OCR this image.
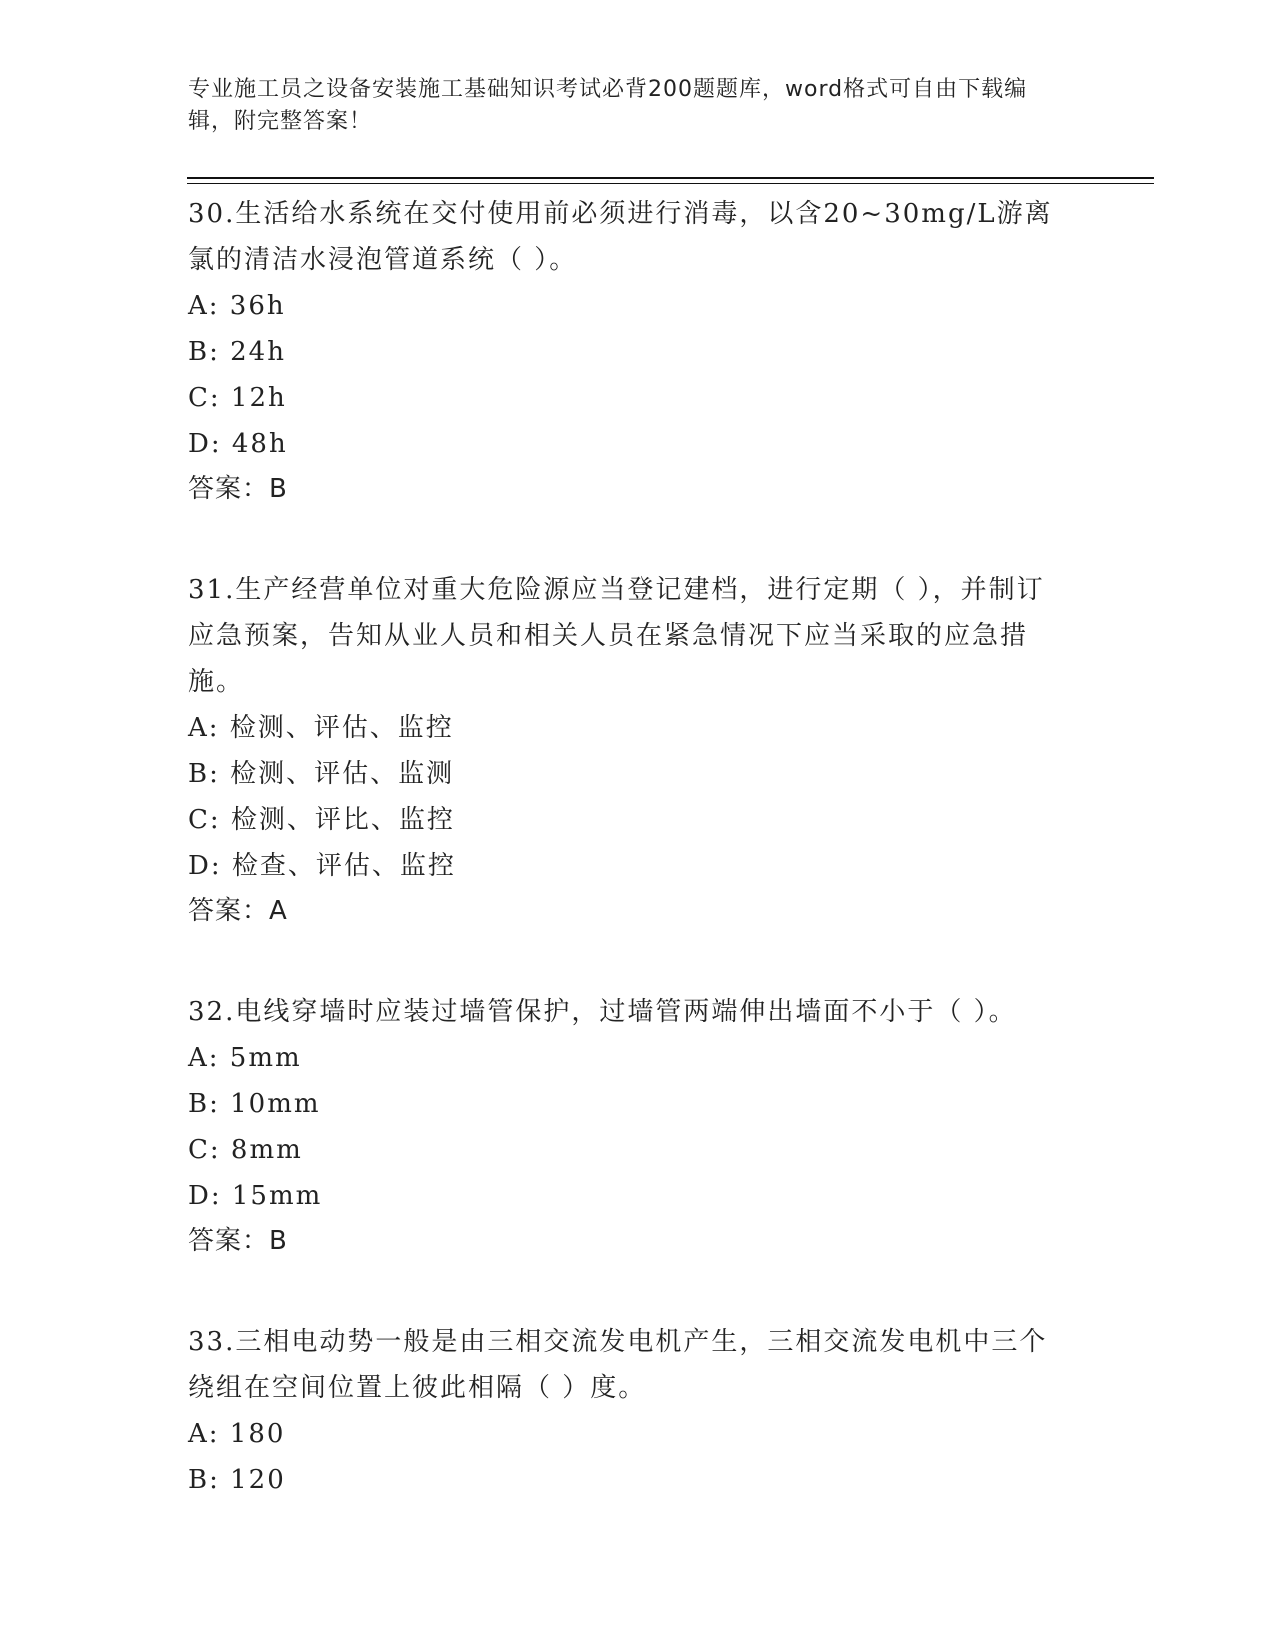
专业施工员之设备安装施工基础知识考试必背200题题库，word格式可自由下载编辑，附完整答案！

30.生活给水系统在交付使用前必须进行消毒，以含20~30mg/L游离氯的清洁水浸泡管道系统（ ）。

A: 36h

B: 24h

C: 12h

D: 48h

答案：B

31.生产经营单位对重大危险源应当登记建档，进行定期（ ），并制订应急预案，告知从业人员和相关人员在紧急情况下应当采取的应急措施。

A: 检测、评估、监控

B: 检测、评估、监测

C: 检测、评比、监控

D: 检查、评估、监控

答案：A

32.电线穿墙时应装过墙管保护，过墙管两端伸出墙面不小于（ ）。

A: 5mm

B: 10mm

C: 8mm

D: 15mm

答案：B

33.三相电动势一般是由三相交流发电机产生，三相交流发电机中三个绕组在空间位置上彼此相隔（ ）度。

A: 180

B: 120
